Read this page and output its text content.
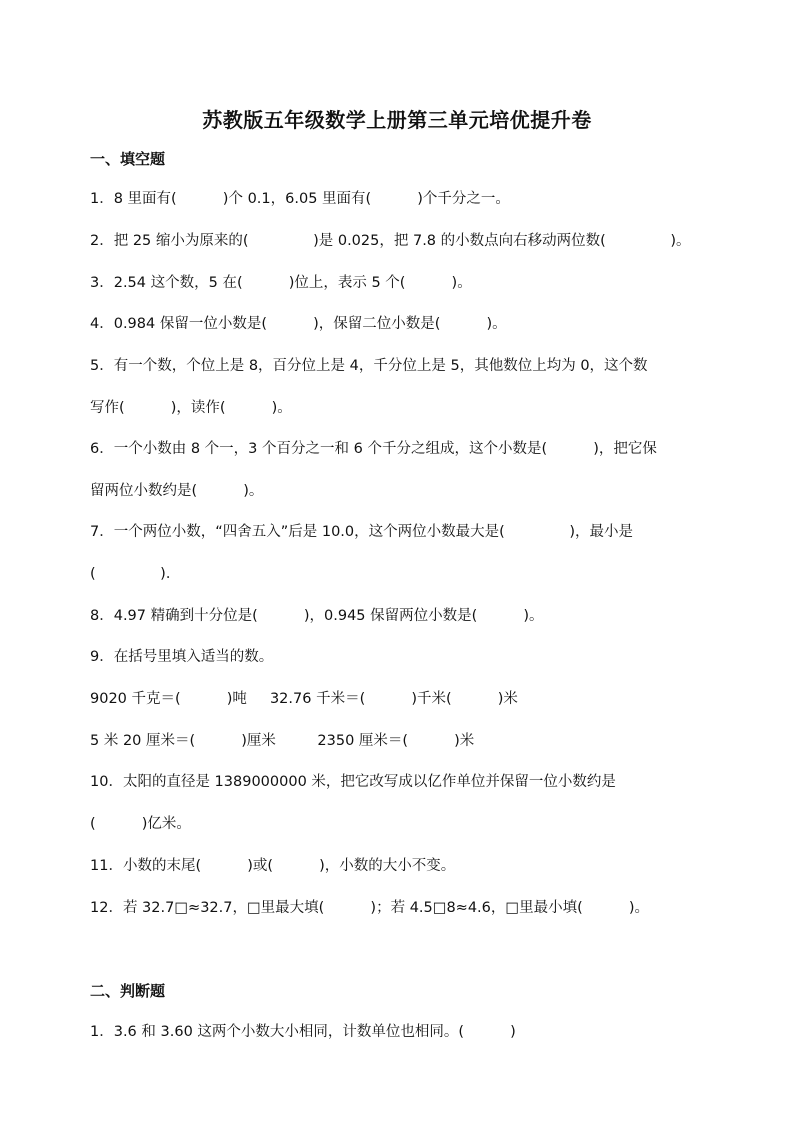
苏教版五年级数学上册第三单元培优提升卷
一、填空题
1．8 里面有(          )个 0.1，6.05 里面有(          )个千分之一。
2．把 25 缩小为原来的(              )是 0.025，把 7.8 的小数点向右移动两位数(              )。
3．2.54 这个数，5 在(          )位上，表示 5 个(          )。
4．0.984 保留一位小数是(          )，保留二位小数是(          )。
5．有一个数，个位上是 8，百分位上是 4，千分位上是 5，其他数位上均为 0，这个数
写作(          )，读作(          )。
6．一个小数由 8 个一，3 个百分之一和 6 个千分之组成，这个小数是(          )，把它保
留两位小数约是(          )。
7．一个两位小数，“四舍五入”后是 10.0，这个两位小数最大是(              )，最小是
(              )．
8．4.97 精确到十分位是(          )，0.945 保留两位小数是(          )。
9．在括号里填入适当的数。
9020 千克＝(          )吨     32.76 千米＝(          )千米(          )米
5 米 20 厘米＝(          )厘米         2350 厘米＝(          )米
10．太阳的直径是 1389000000 米，把它改写成以亿作单位并保留一位小数约是
(          )亿米。
11．小数的末尾(          )或(          )，小数的大小不变。
12．若 32.7□≈32.7，□里最大填(          )；若 4.5□8≈4.6，□里最小填(          )。
二、判断题
1．3.6 和 3.60 这两个小数大小相同，计数单位也相同。(          )
